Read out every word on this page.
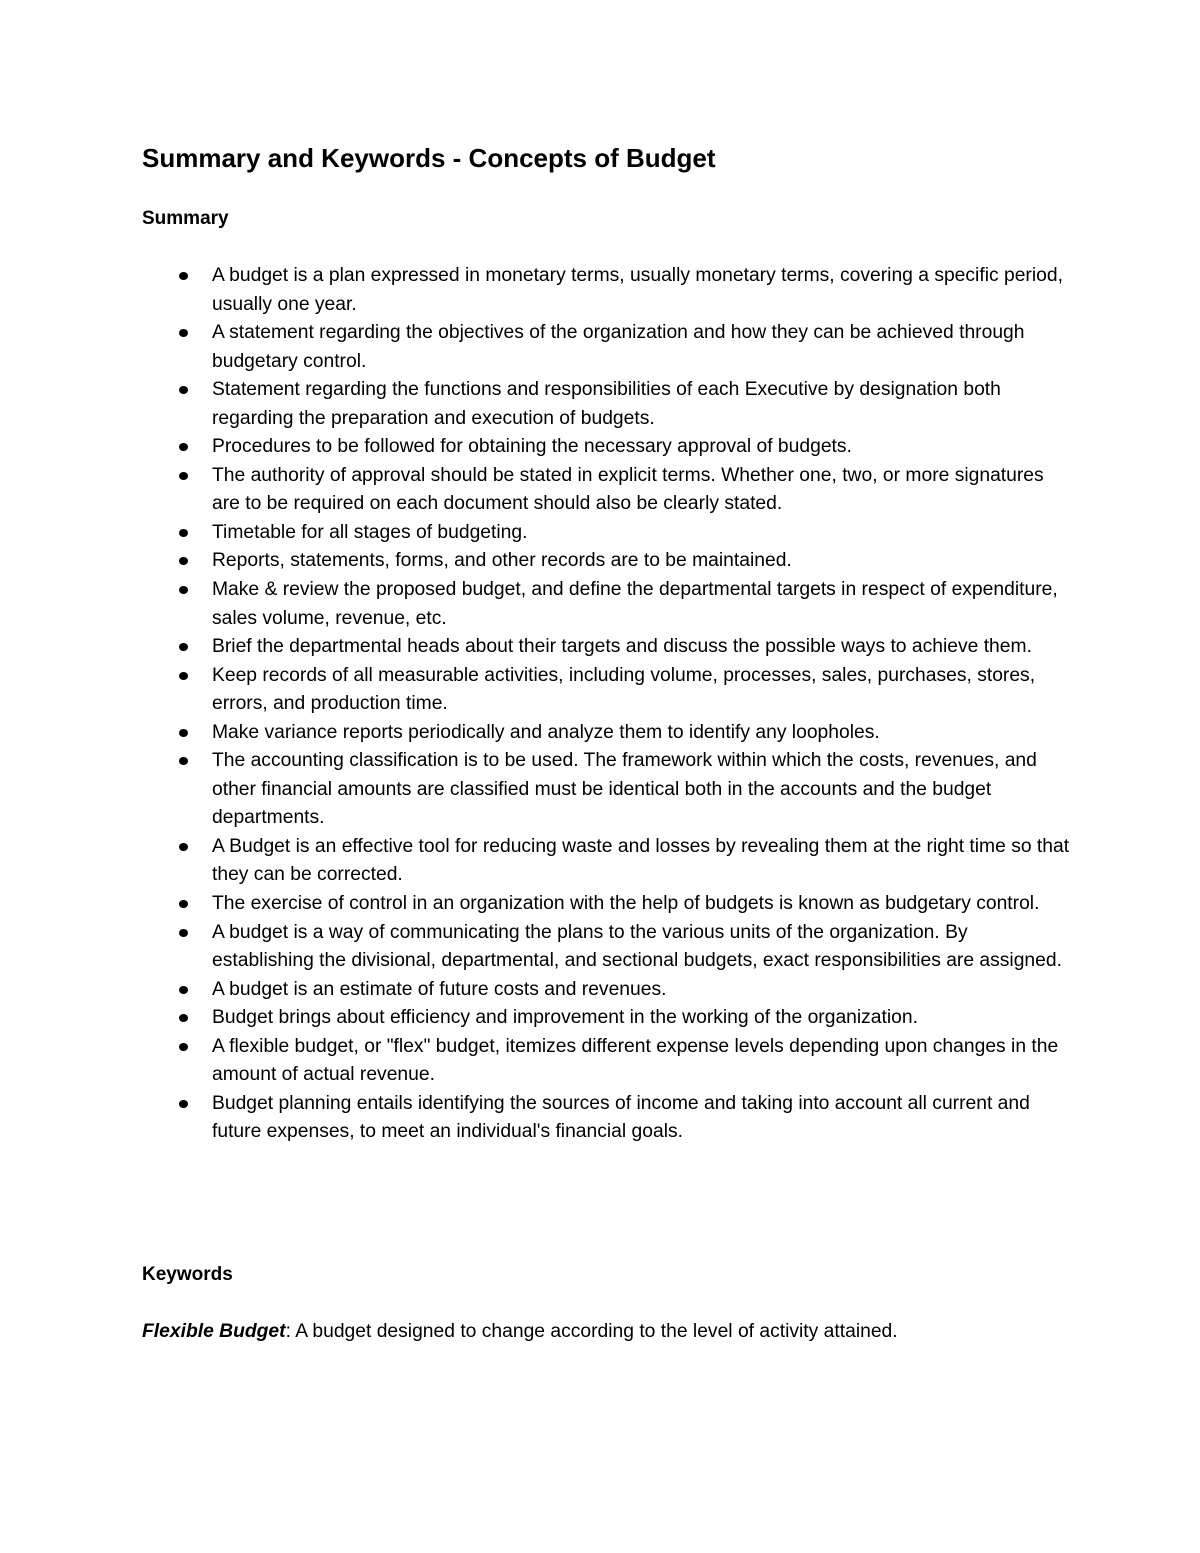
Summary and Keywords - Concepts of Budget
Summary
A budget is a plan expressed in monetary terms, usually monetary terms, covering a specific period, usually one year.
A statement regarding the objectives of the organization and how they can be achieved through budgetary control.
Statement regarding the functions and responsibilities of each Executive by designation both regarding the preparation and execution of budgets.
Procedures to be followed for obtaining the necessary approval of budgets.
The authority of approval should be stated in explicit terms. Whether one, two, or more signatures are to be required on each document should also be clearly stated.
Timetable for all stages of budgeting.
Reports, statements, forms, and other records are to be maintained.
Make & review the proposed budget, and define the departmental targets in respect of expenditure, sales volume, revenue, etc.
Brief the departmental heads about their targets and discuss the possible ways to achieve them.
Keep records of all measurable activities, including volume, processes, sales, purchases, stores, errors, and production time.
Make variance reports periodically and analyze them to identify any loopholes.
The accounting classification is to be used. The framework within which the costs, revenues, and other financial amounts are classified must be identical both in the accounts and the budget departments.
A Budget is an effective tool for reducing waste and losses by revealing them at the right time so that they can be corrected.
The exercise of control in an organization with the help of budgets is known as budgetary control.
A budget is a way of communicating the plans to the various units of the organization. By establishing the divisional, departmental, and sectional budgets, exact responsibilities are assigned.
A budget is an estimate of future costs and revenues.
Budget brings about efficiency and improvement in the working of the organization.
A flexible budget, or "flex" budget, itemizes different expense levels depending upon changes in the amount of actual revenue.
Budget planning entails identifying the sources of income and taking into account all current and future expenses, to meet an individual's financial goals.
Keywords

Flexible Budget: A budget designed to change according to the level of activity attained.
